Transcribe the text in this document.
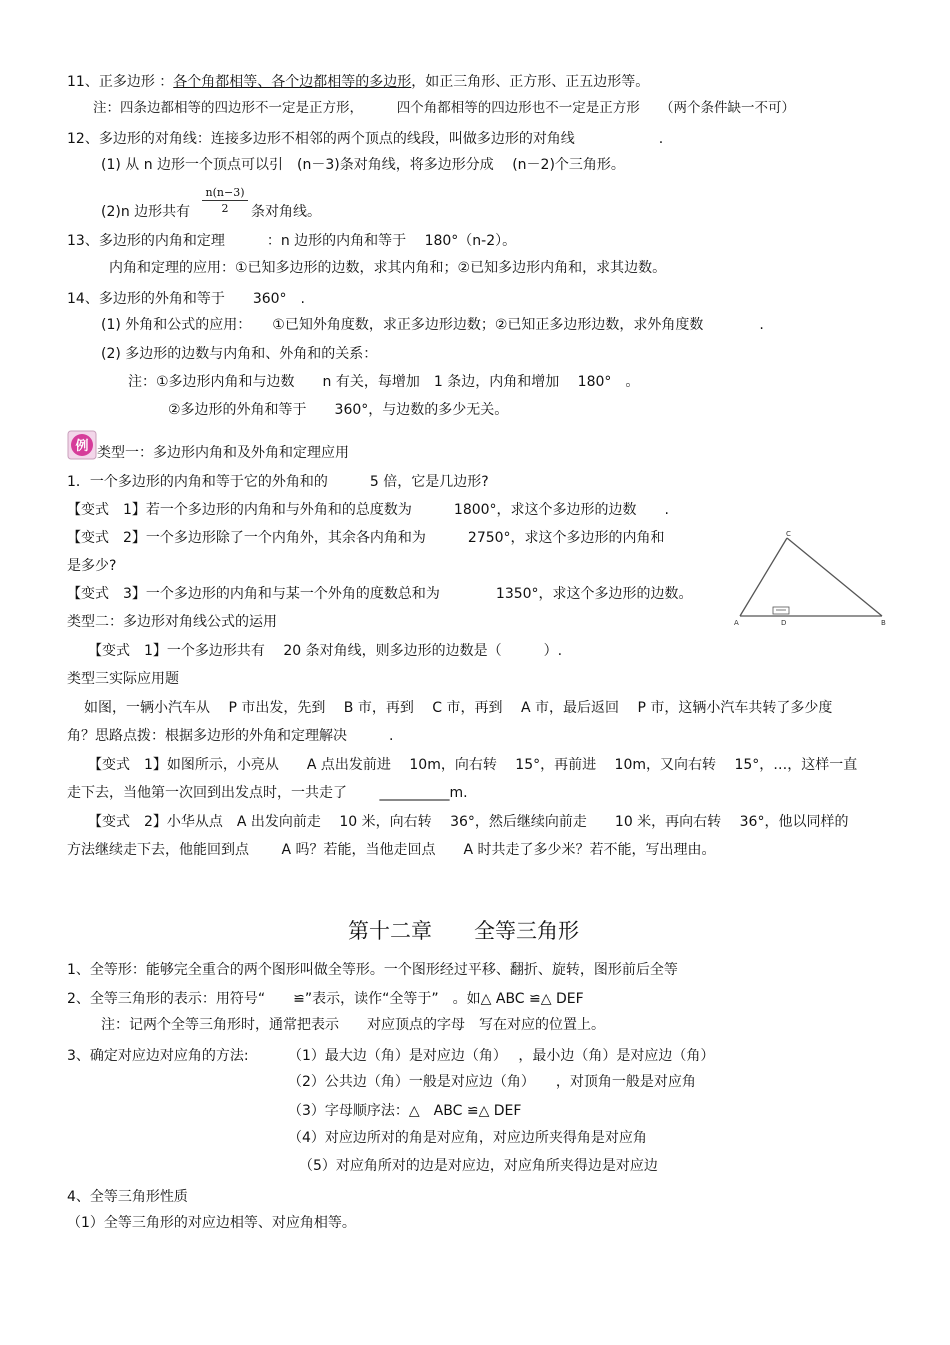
11、正多边形 ：各个角都相等、各个边都相等的多边形，如正三角形、正方形、正五边形等。
注：四条边都相等的四边形不一定是正方形，　　　四个角都相等的四边形也不一定是正方形　　（两个条件缺一不可）
12、多边形的对角线：连接多边形不相邻的两个顶点的线段，叫做多边形的对角线　　　　　　.
(1) 从 n 边形一个顶点可以引　(n－3)条对角线，将多边形分成　 (n－2)个三角形。
(2)n 边形共有 $\frac{n(n-3)}{2}$ 条对角线。
13、多边形的内角和定理　　　：n 边形的内角和等于　 180°（n-2）。
内角和定理的应用：①已知多边形的边数，求其内角和；②已知多边形内角和，求其边数。
14、多边形的外角和等于　　360°　.
(1) 外角和公式的应用：　　①已知外角度数，求正多边形边数；②已知正多边形边数，求外角度数　　　　.
(2) 多边形的边数与内角和、外角和的关系：
注：①多边形内角和与边数　　n 有关，每增加　1 条边，内角和增加　 180°　。
②多边形的外角和等于　　360°，与边数的多少无关。
例 类型一：多边形内角和及外角和定理应用
1．一个多边形的内角和等于它的外角和的　　　5 倍，它是几边形?
【变式　1】若一个多边形的内角和与外角和的总度数为　　　1800°，求这个多边形的边数　　.
【变式　2】一个多边形除了一个内角外，其余各内角和为　　　2750°，求这个多边形的内角和
是多少?
【变式　3】一个多边形的内角和与某一个外角的度数总和为　　　　1350°，求这个多边形的边数。
A	D	B
C
类型二：多边形对角线公式的运用
【变式　1】一个多边形共有　 20 条对角线，则多边形的边数是（　　　）.
类型三实际应用题
如图，一辆小汽车从　 P 市出发，先到　 B 市，再到　 C 市，再到　 A 市，最后返回　 P 市，这辆小汽车共转了多少度
角？思路点拨：根据多边形的外角和定理解决　　　.
【变式　1】如图所示，小亮从　　A 点出发前进　 10m，向右转　 15°，再前进　 10m，又向右转　 15°，…，这样一直
走下去，当他第一次回到出发点时，一共走了　　 __________m.
【变式　2】小华从点　A 出发向前走　 10 米，向右转　 36°，然后继续向前走　　10 米，再向右转　 36°，他以同样的
方法继续走下去，他能回到点　　 A 吗？若能，当他走回点　　A 时共走了多少米？若不能，写出理由。
第十二章　　全等三角形
1、全等形：能够完全重合的两个图形叫做全等形。一个图形经过平移、翻折、旋转，图形前后全等
2、全等三角形的表示：用符号“　　≌”表示，读作“全等于”　。如△ ABC ≌△ DEF
注：记两个全等三角形时，通常把表示　　对应顶点的字母　写在对应的位置上。
3、确定对应边对应角的方法:	（1）最大边（角）是对应边（角）　 ，最小边（角）是对应边（角）
（2）公共边（角）一般是对应边（角）　　，对顶角一般是对应角
（3）字母顺序法：△　ABC ≌△ DEF
（4）对应边所对的角是对应角，对应边所夹得角是对应角
（5）对应角所对的边是对应边，对应角所夹得边是对应边
4、全等三角形性质
（1）全等三角形的对应边相等、对应角相等。
